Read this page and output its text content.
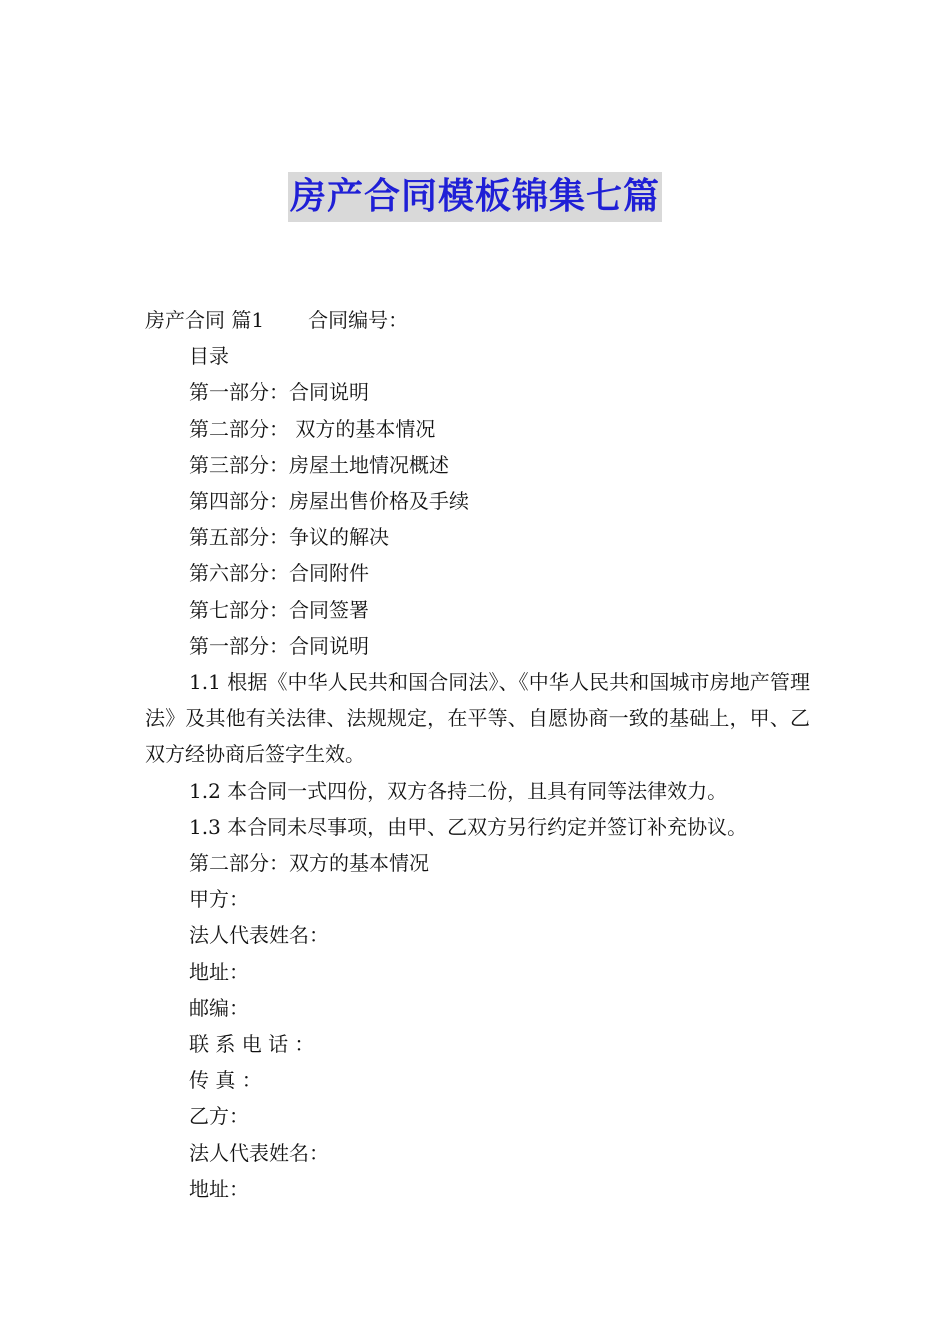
房产合同模板锦集七篇
房产合同 篇1 合同编号：
目录
第一部分：合同说明
第二部分： 双方的基本情况
第三部分：房屋土地情况概述
第四部分：房屋出售价格及手续
第五部分：争议的解决
第六部分：合同附件
第七部分：合同签署
第一部分：合同说明
1.1 根据《中华人民共和国合同法》、《中华人民共和国城市房地产管理法》及其他有关法律、法规规定，在平等、自愿协商一致的基础上，甲、乙双方经协商后签字生效。
1.2 本合同一式四份，双方各持二份，且具有同等法律效力。
1.3 本合同未尽事项，由甲、乙双方另行约定并签订补充协议。
第二部分：双方的基本情况
甲方：
法人代表姓名：
地址：
邮编：
联 系 电 话 ：
传 真 ：
乙方：
法人代表姓名：
地址：
